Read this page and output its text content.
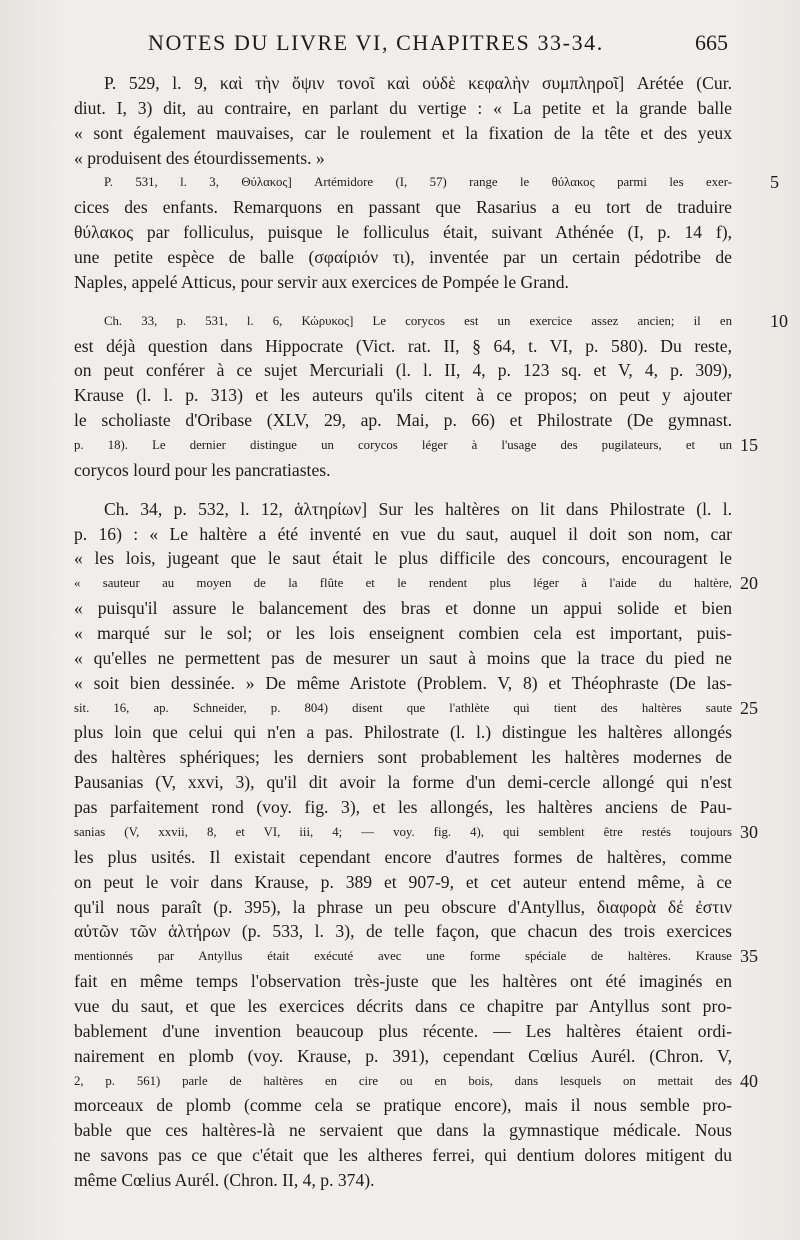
NOTES DU LIVRE VI, CHAPITRES 33-34.	665
P. 529, l. 9, καὶ τὴν ὄψιν τονοῖ καὶ οὐδὲ κεφαλὴν συμπληροῖ] Arétée (Cur.
diut. I, 3) dit, au contraire, en parlant du vertige : « La petite et la grande balle
« sont également mauvaises, car le roulement et la fixation de la tête et des yeux
« produisent des étourdissements. »
P. 531, l. 3, Θύλακος] Artémidore (I, 57) range le θύλακος parmi les exer-	5
cices des enfants. Remarquons en passant que Rasarius a eu tort de traduire
θύλακος par folliculus, puisque le folliculus était, suivant Athénée (I, p. 14 f),
une petite espèce de balle (σφαίριόν τι), inventée par un certain pédotribe de
Naples, appelé Atticus, pour servir aux exercices de Pompée le Grand.
Ch. 33, p. 531, l. 6, Κώρυκος] Le corycos est un exercice assez ancien; il en	10
est déjà question dans Hippocrate (Vict. rat. II, § 64, t. VI, p. 580). Du reste,
on peut conférer à ce sujet Mercuriali (l. l. II, 4, p. 123 sq. et V, 4, p. 309),
Krause (l. l. p. 313) et les auteurs qu'ils citent à ce propos; on peut y ajouter
le scholiaste d'Oribase (XLV, 29, ap. Mai, p. 66) et Philostrate (De gymnast.
p. 18). Le dernier distingue un corycos léger à l'usage des pugilateurs, et un 15
corycos lourd pour les pancratiastes.
Ch. 34, p. 532, l. 12, ἁλτηρίων] Sur les haltères on lit dans Philostrate (l. l.
p. 16) : « Le haltère a été inventé en vue du saut, auquel il doit son nom, car
« les lois, jugeant que le saut était le plus difficile des concours, encouragent le
« sauteur au moyen de la flûte et le rendent plus léger à l'aide du haltère, 20
« puisqu'il assure le balancement des bras et donne un appui solide et bien
« marqué sur le sol; or les lois enseignent combien cela est important, puis-
« qu'elles ne permettent pas de mesurer un saut à moins que la trace du pied ne
« soit bien dessinée. » De même Aristote (Problem. V, 8) et Théophraste (De las-
sit. 16, ap. Schneider, p. 804) disent que l'athlète qui tient des haltères saute 25
plus loin que celui qui n'en a pas. Philostrate (l. l.) distingue les haltères allongés
des haltères sphériques; les derniers sont probablement les haltères modernes de
Pausanias (V, xxvi, 3), qu'il dit avoir la forme d'un demi-cercle allongé qui n'est
pas parfaitement rond (voy. fig. 3), et les allongés, les haltères anciens de Pau-
sanias (V, xxvii, 8, et VI, iii, 4; — voy. fig. 4), qui semblent être restés toujours 30
les plus usités. Il existait cependant encore d'autres formes de haltères, comme
on peut le voir dans Krause, p. 389 et 907-9, et cet auteur entend même, à ce
qu'il nous paraît (p. 395), la phrase un peu obscure d'Antyllus, διαφορὰ δέ ἐστιν
αὐτῶν τῶν ἁλτήρων (p. 533, l. 3), de telle façon, que chacun des trois exercices
mentionnés par Antyllus était exécuté avec une forme spéciale de haltères. Krause 35
fait en même temps l'observation très-juste que les haltères ont été imaginés en
vue du saut, et que les exercices décrits dans ce chapitre par Antyllus sont pro-
bablement d'une invention beaucoup plus récente. — Les haltères étaient ordi-
nairement en plomb (voy. Krause, p. 391), cependant Cœlius Aurél. (Chron. V,
2, p. 561) parle de haltères en cire ou en bois, dans lesquels on mettait des 40
morceaux de plomb (comme cela se pratique encore), mais il nous semble pro-
bable que ces haltères-là ne servaient que dans la gymnastique médicale. Nous
ne savons pas ce que c'était que les altheres ferrei, qui dentium dolores mitigent du
même Cœlius Aurél. (Chron. II, 4, p. 374).
